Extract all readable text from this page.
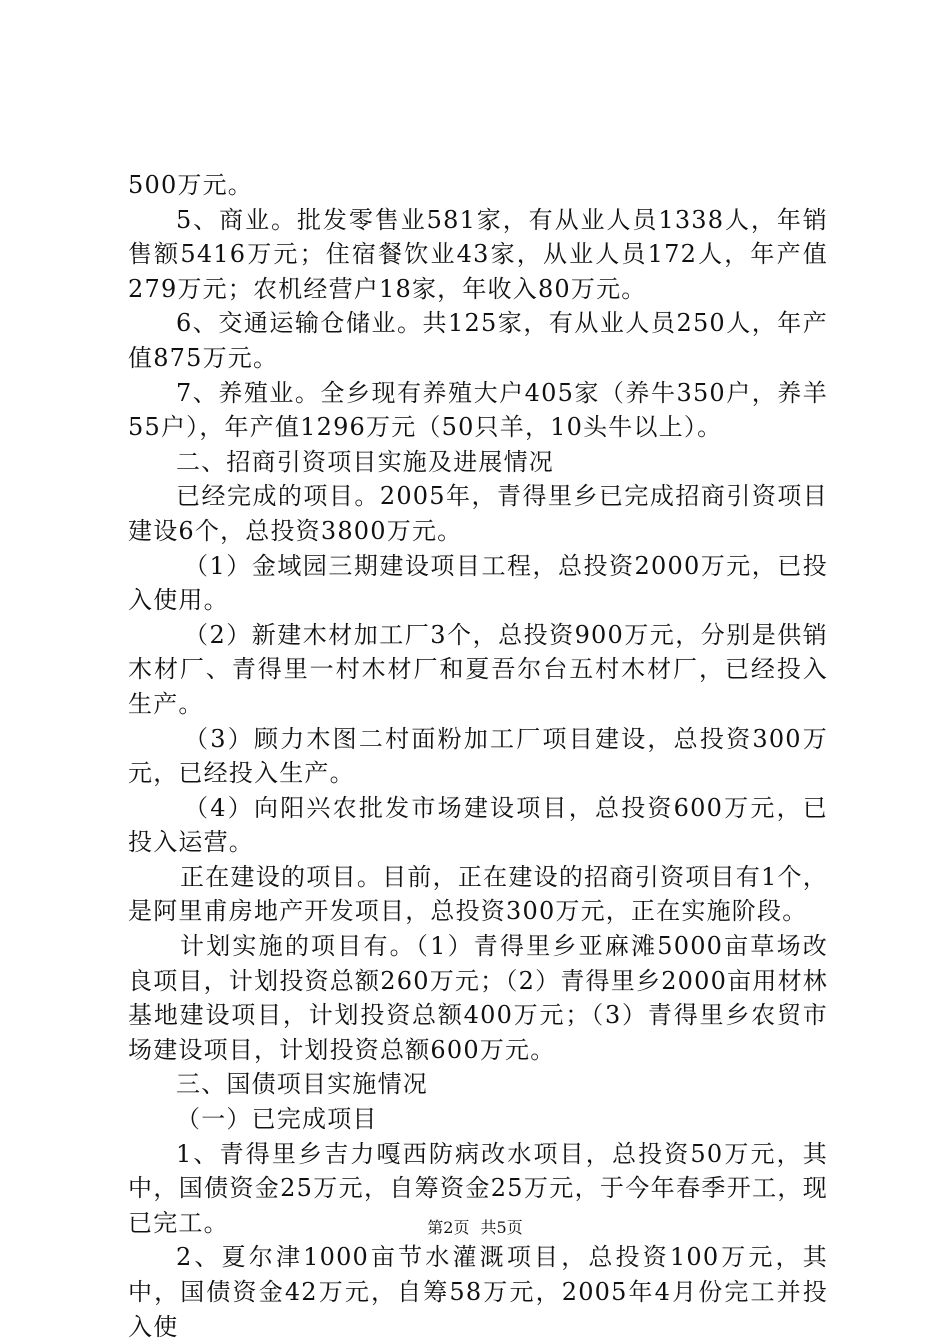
500万元。

5、商业。批发零售业581家，有从业人员1338人，年销售额5416万元；住宿餐饮业43家，从业人员172人，年产值279万元；农机经营户18家，年收入80万元。

6、交通运输仓储业。共125家，有从业人员250人，年产值875万元。

7、养殖业。全乡现有养殖大户405家（养牛350户，养羊55户），年产值1296万元（50只羊，10头牛以上）。

二、招商引资项目实施及进展情况

已经完成的项目。2005年，青得里乡已完成招商引资项目建设6个，总投资3800万元。

（1）金域园三期建设项目工程，总投资2000万元，已投入使用。

（2）新建木材加工厂3个，总投资900万元，分别是供销木材厂、青得里一村木材厂和夏吾尔台五村木材厂，已经投入生产。

（3）顾力木图二村面粉加工厂项目建设，总投资300万元，已经投入生产。

（4）向阳兴农批发市场建设项目，总投资600万元，已投入运营。

正在建设的项目。目前，正在建设的招商引资项目有1个，是阿里甫房地产开发项目，总投资300万元，正在实施阶段。

计划实施的项目有。（1）青得里乡亚麻滩5000亩草场改良项目，计划投资总额260万元；（2）青得里乡2000亩用材林基地建设项目，计划投资总额400万元；（3）青得里乡农贸市场建设项目，计划投资总额600万元。

三、国债项目实施情况

（一）已完成项目

1、青得里乡吉力嘎西防病改水项目，总投资50万元，其中，国债资金25万元，自筹资金25万元，于今年春季开工，现已完工。

2、夏尔津1000亩节水灌溉项目，总投资100万元，其中，国债资金42万元，自筹58万元，2005年4月份完工并投入使

第2页 共5页
